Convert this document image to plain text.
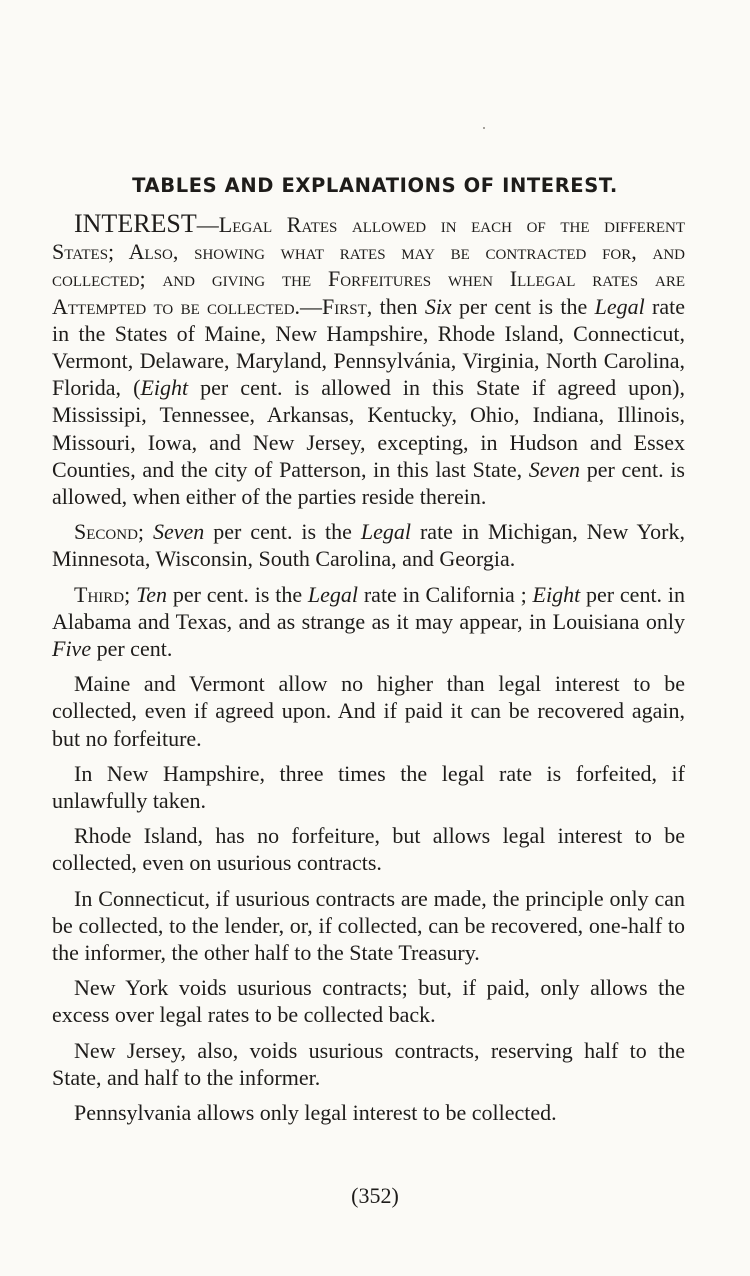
TABLES AND EXPLANATIONS OF INTEREST.

INTEREST—Legal Rates allowed in each of the different States; Also, showing what rates may be contracted for, and collected; and giving the Forfeitures when Illegal rates are Attempted to be collected.—First, then Six per cent is the Legal rate in the States of Maine, New Hampshire, Rhode Island, Connecticut, Vermont, Delaware, Maryland, Pennsylvánia, Virginia, North Carolina, Florida, (Eight per cent. is allowed in this State if agreed upon), Mississipi, Tennessee, Arkansas, Kentucky, Ohio, Indiana, Illinois, Missouri, Iowa, and New Jersey, excepting, in Hudson and Essex Counties, and the city of Patterson, in this last State, Seven per cent. is allowed, when either of the parties reside therein.

Second; Seven per cent. is the Legal rate in Michigan, New York, Minnesota, Wisconsin, South Carolina, and Georgia.

Third; Ten per cent. is the Legal rate in California ; Eight per cent. in Alabama and Texas, and as strange as it may appear, in Louisiana only Five per cent.

Maine and Vermont allow no higher than legal interest to be collected, even if agreed upon. And if paid it can be recovered again, but no forfeiture.

In New Hampshire, three times the legal rate is forfeited, if unlawfully taken.

Rhode Island, has no forfeiture, but allows legal interest to be collected, even on usurious contracts.

In Connecticut, if usurious contracts are made, the principle only can be collected, to the lender, or, if collected, can be recovered, one-half to the informer, the other half to the State Treasury.

New York voids usurious contracts; but, if paid, only allows the excess over legal rates to be collected back.

New Jersey, also, voids usurious contracts, reserving half to the State, and half to the informer.

Pennsylvania allows only legal interest to be collected.

(352)
